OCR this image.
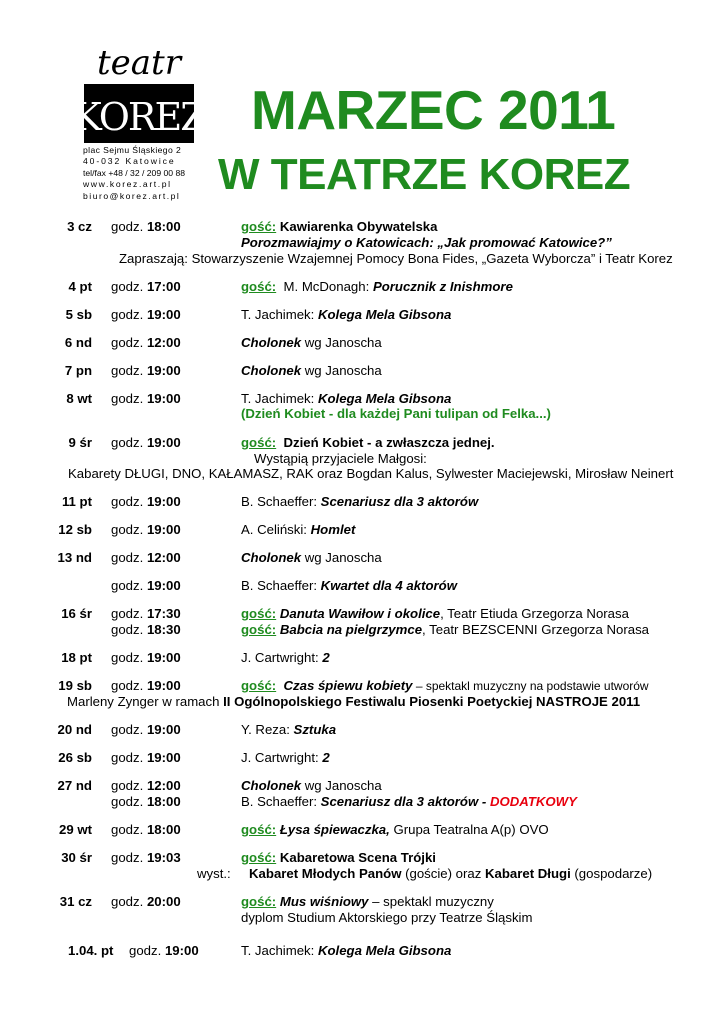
teatr
KOREZ
plac Sejmu Śląskiego 2
40-032 Katowice
tel/fax +48 / 32 / 209 00 88
www.korez.art.pl
biuro@korez.art.pl
MARZEC 2011
W TEATRZE KOREZ
3 cz godz. 18:00	gość: Kawiarenka Obywatelska
Porozmawiajmy o Katowicach: „Jak promować Katowice?”
Zapraszają: Stowarzyszenie Wzajemnej Pomocy Bona Fides, „Gazeta Wyborcza” i Teatr Korez
4 pt godz. 17:00	gość: M. McDonagh: Porucznik z Inishmore
5 sb godz. 19:00	T. Jachimek: Kolega Mela Gibsona
6 nd godz. 12:00	Cholonek wg Janoscha
7 pn godz. 19:00	Cholonek wg Janoscha
8 wt godz. 19:00	T. Jachimek: Kolega Mela Gibsona
(Dzień Kobiet - dla każdej Pani tulipan od Felka...)
9 śr godz. 19:00	gość: Dzień Kobiet - a zwłaszcza jednej.
Wystąpią przyjaciele Małgosi:
Kabarety DŁUGI, DNO, KAŁAMASZ, RAK oraz Bogdan Kalus, Sylwester Maciejewski, Mirosław Neinert
11 pt godz. 19:00	B. Schaeffer: Scenariusz dla 3 aktorów
12 sb godz. 19:00	A. Celiński: Homlet
13 nd godz. 12:00	Cholonek wg Janoscha
godz. 19:00	B. Schaeffer: Kwartet dla 4 aktorów
16 śr godz. 17:30	gość: Danuta Wawiłow i okolice, Teatr Etiuda Grzegorza Norasa
godz. 18:30	gość: Babcia na pielgrzymce, Teatr BEZSCENNI Grzegorza Norasa
18 pt godz. 19:00	J. Cartwright: 2
19 sb godz. 19:00	gość: Czas śpiewu kobiety – spektakl muzyczny na podstawie utworów
Marleny Zynger w ramach II Ogólnopolskiego Festiwalu Piosenki Poetyckiej NASTROJE 2011
20 nd godz. 19:00	Y. Reza: Sztuka
26 sb godz. 19:00	J. Cartwright: 2
27 nd godz. 12:00	Cholonek wg Janoscha
godz. 18:00	B. Schaeffer: Scenariusz dla 3 aktorów - DODATKOWY
29 wt godz. 18:00	gość: Łysa śpiewaczka, Grupa Teatralna A(p) OVO
30 śr godz. 19:03	gość: Kabaretowa Scena Trójki
wyst.: Kabaret Młodych Panów (goście) oraz Kabaret Długi (gospodarze)
31 cz godz. 20:00	gość: Mus wiśniowy – spektakl muzyczny
dyplom Studium Aktorskiego przy Teatrze Śląskim
1.04. pt godz. 19:00	T. Jachimek: Kolega Mela Gibsona
